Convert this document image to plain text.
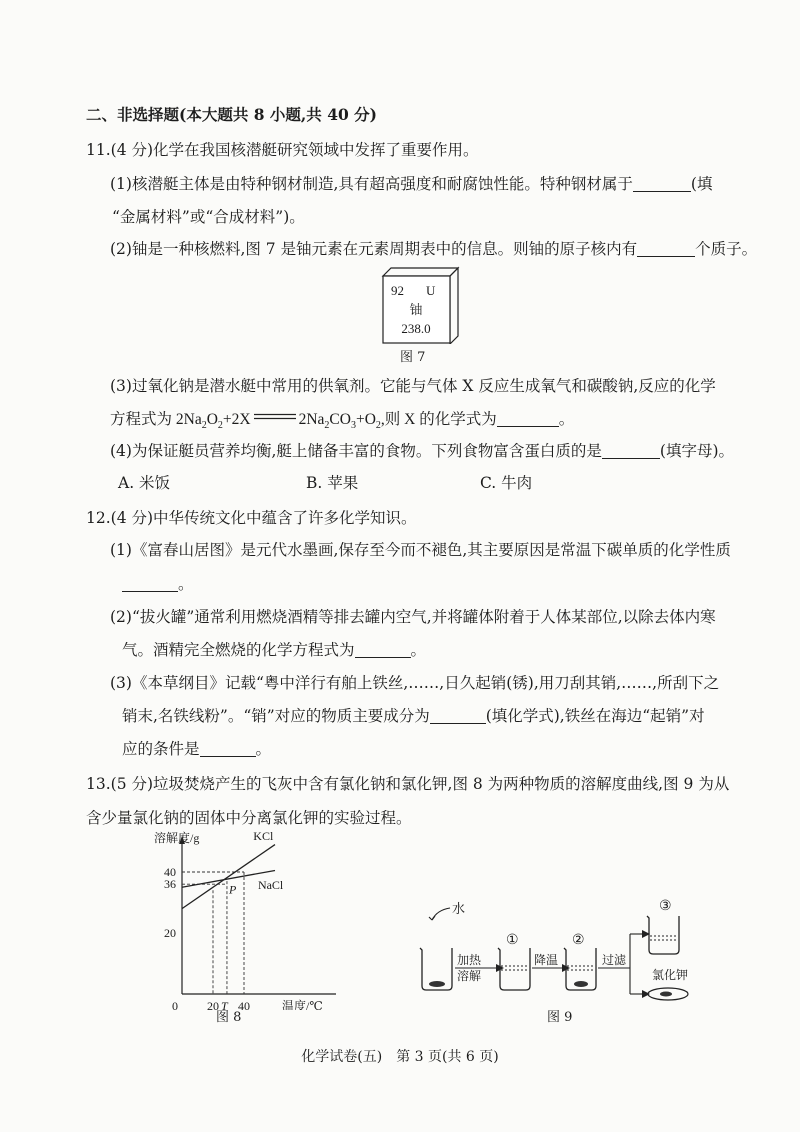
二、非选择题(本大题共 8 小题,共 40 分)
11.(4 分)化学在我国核潜艇研究领域中发挥了重要作用。
(1)核潜艇主体是由特种钢材制造,具有超高强度和耐腐蚀性能。特种钢材属于	(填
“金属材料”或“合成材料”)。
(2)铀是一种核燃料,图 7 是铀元素在元素周期表中的信息。则铀的原子核内有	个质子。
92 U
铀
238.0
图 7
(3)过氧化钠是潜水艇中常用的供氧剂。它能与气体 X 反应生成氧气和碳酸钠,反应的化学
方程式为 $2Na_2O_2+2X$	$2Na_2CO_3+O_2$,则 X 的化学式为	。
(4)为保证艇员营养均衡,艇上储备丰富的食物。下列食物富含蛋白质的是	(填字母)。
A. 米饭	B. 苹果	C. 牛肉
12.(4 分)中华传统文化中蕴含了许多化学知识。
(1)《富春山居图》是元代水墨画,保存至今而不褪色,其主要原因是常温下碳单质的化学性质
。
(2)“拔火罐”通常利用燃烧酒精等排去罐内空气,并将罐体附着于人体某部位,以除去体内寒
气。酒精完全燃烧的化学方程式为	。
(3)《本草纲目》记载“粤中洋行有舶上铁丝,……,日久起销(锈),用刀刮其销,……,所刮下之
销末,名铁线粉”。“销”对应的物质主要成分为	(填化学式),铁丝在海边“起销”对
应的条件是	。
13.(5 分)垃圾焚烧产生的飞灰中含有氯化钠和氯化钾,图 8 为两种物质的溶解度曲线,图 9 为从
含少量氯化钠的固体中分离氯化钾的实验过程。
溶解度/g
温度/℃
0 20 T 40
20
36
40
KCl
NaCl
P
图 8
水
加热
溶解
①
降温
②
过滤
③
氯化钾
图 9
化学试卷(五)　第 3 页(共 6 页)
